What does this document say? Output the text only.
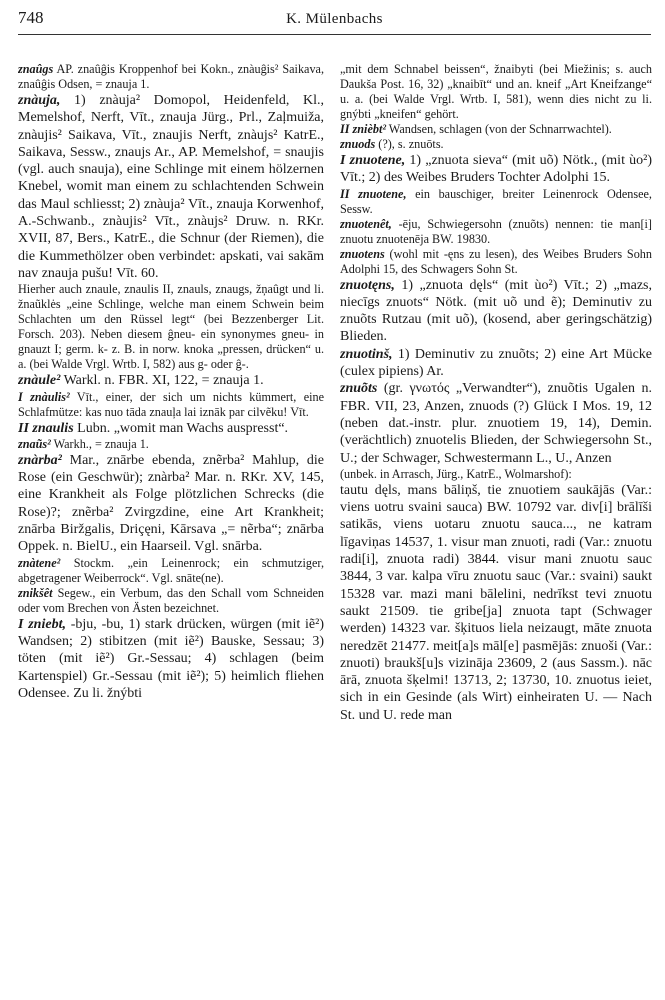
748	K. Mülenbachs

znaûgs AP. znaûĝis Kroppenhof bei Kokn., znàuĝis² Saikava, znaûĝis Odsen, = znauja 1.

znàuja, 1) znàuja² Domopol, Heidenfeld, Kl., Memelshof, Nerft, Vīt., znauja Jürg., Prl., Zaļmuiža, znàujis² Saikava, Vīt., znaujis Nerft, znàujs² KatrE., Saikava, Sessw., znaujs Ar., AP. Memelshof, = snaujis (vgl. auch snauja), eine Schlinge mit einem hölzernen Knebel, womit man einem zu schlachtenden Schwein das Maul schliesst; 2) znàuja² Vīt., znauja Korwenhof, A.-Schwanb., znàujis² Vīt., znàujs² Druw. n. RKr. XVII, 87, Bers., KatrE., die Schnur (der Riemen), die die Kummethölzer oben verbindet: apskati, vai sakām nav znauja pušu! Vīt. 60.

Hierher auch znaule, znaulis II, znauls, znaugs, žņaûgt und li. žnaũklės „eine Schlinge, welche man einem Schwein beim Schlachten um den Rüssel legt“ (bei Bezzenberger Lit. Forsch. 203). Neben diesem ĝneu- ein synonymes gneu- in gnauzt I; germ. k- z. B. in norw. knoka „pressen, drücken“ u. a. (bei Walde Vrgl. Wrtb. I, 582) aus g- oder ĝ-.

znàule² Warkl. n. FBR. XI, 122, = znauja 1.

I znàulis² Vīt., einer, der sich um nichts kümmert, eine Schlafmütze: kas nuo tāda znauļa lai iznāk par cilvẽku! Vīt.

II znaulis Lubn. „womit man Wachs auspresst“.

znaũs² Warkh., = znauja 1.

znàrba² Mar., znārbe ebenda, znẽrba² Mahlup, die Rose (ein Geschwür); znàrba² Mar. n. RKr. XV, 145, eine Krankheit als Folge plötzlichen Schrecks (die Rose)?; znẽrba² Zvirgzdine, eine Art Krankheit; znārba Biržgalis, Driçęni, Kārsava „= nẽrba“; znārba Oppek. n. BielU., ein Haarseil. Vgl. snārba.

znàtene² Stockm. „ein Leinenrock; ein schmutziger, abgetragener Weiberrock“. Vgl. snāte(ne).

znikšêt Segew., ein Verbum, das den Schall vom Schneiden oder vom Brechen von Ästen bezeichnet.

I zniebt, -bju, -bu, 1) stark drücken, würgen (mit iẽ²) Wandsen; 2) stibitzen (mit iẽ²) Bauske, Sessau; 3) töten (mit iẽ²) Gr.-Sessau; 4) schlagen (beim Kartenspiel) Gr.-Sessau (mit iẽ²); 5) heimlich fliehen Odensee. Zu li. žnýbti

„mit dem Schnabel beissen“, žnaibyti (bei Miežinis; s. auch Daukša Post. 16, 32) „knaibīt“ und an. kneif „Art Kneifzange“ u. a. (bei Walde Vrgl. Wrtb. I, 581), wenn dies nicht zu li. gnýbti „kneifen“ gehört.

II znièbt² Wandsen, schlagen (von der Schnarrwachtel).

znuods (?), s. znuōts.

I znuotene, 1) „znuota sieva“ (mit uõ) Nötk., (mit ùo²) Vīt.; 2) des Weibes Bruders Tochter Adolphi 15.

II znuotene, ein bauschiger, breiter Leinenrock Odensee, Sessw.

znuotenêt, -ēju, Schwiegersohn (znuõts) nennen: tie man[i] znuotu znuotenēja BW. 19830.

znuotens (wohl mit -ęns zu lesen), des Weibes Bruders Sohn Adolphi 15, des Schwagers Sohn St.

znuotęns, 1) „znuota dęls“ (mit ùo²) Vīt.; 2) „mazs, niecīgs znuots“ Nötk. (mit uõ und ẽ); Deminutiv zu znuõts Rutzau (mit uõ), (kosend, aber geringschätzig) Blieden.

znuotinš, 1) Deminutiv zu znuõts; 2) eine Art Mücke (culex pipiens) Ar.

znuõts (gr. γνωτός „Verwandter“), znuõtis Ugalen n. FBR. VII, 23, Anzen, znuods (?) Glück I Mos. 19, 12 (neben dat.-instr. plur. znuotiem 19, 14), Demin. (verächtlich) znuotelis Blieden, der Schwiegersohn St., U.; der Schwager, Schwestermann L., U., Anzen

(unbek. in Arrasch, Jürg., KatrE., Wolmarshof):

tautu dęls, mans bāliņš, tie znuotiem saukājās (Var.: viens uotru svaini sauca) BW. 10792 var. div[i] brālīši satikās, viens uotaru znuotu sauca..., ne katram līgaviņas 14537, 1. visur man znuoti, radi (Var.: znuotu radi[i], znuota radi) 3844. visur mani znuotu sauc 3844, 3 var. kalpa vīru znuotu sauc (Var.: svaini) saukt 15328 var. mazi mani bālelini, nedrīkst tevi znuotu saukt 21509. tie gribe[ja] znuota tapt (Schwager werden) 14323 var. šķituos liela neizaugt, māte znuota neredzēt 21477. meit[a]s māl[e] pasmējās: znuoši (Var.: znuoti) braukš[u]s vizināja 23609, 2 (aus Sassm.). nāc ārā, znuota šķelmi! 13713, 2; 13730, 10. znuotus ieiet, sich in ein Gesinde (als Wirt) einheiraten U. — Nach St. und U. rede man
